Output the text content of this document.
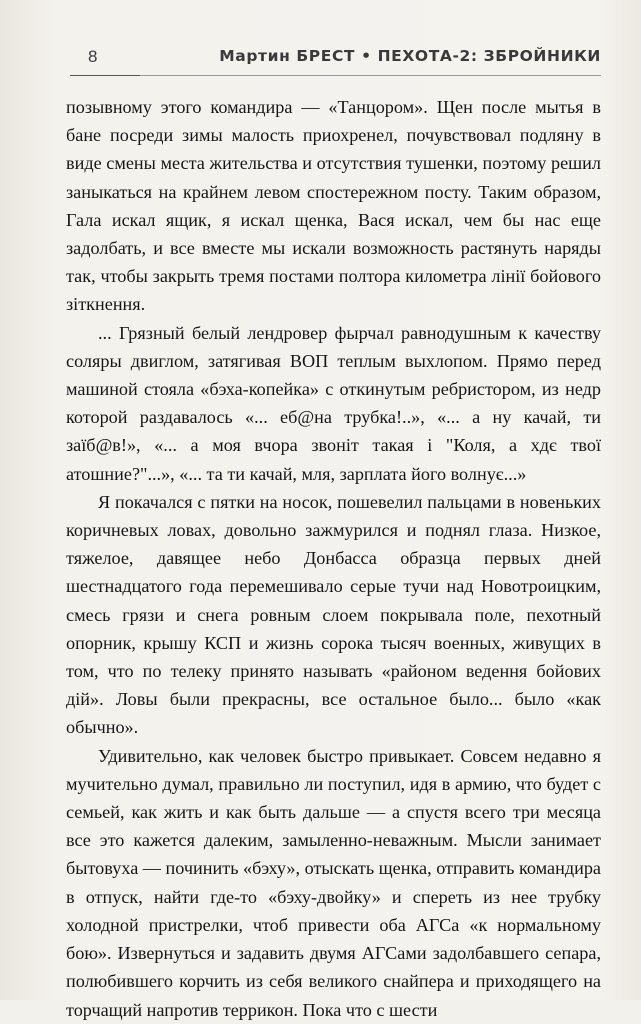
8	Мартин БРЕСТ • ПЕХОТА-2: ЗБРОЙНИКИ

позывному этого командира — «Танцором». Щен после мытья в бане посреди зимы малость приохренел, почувствовал подляну в виде смены места жительства и отсутствия тушенки, поэтому решил заныкаться на крайнем левом спостережном посту. Таким образом, Гала искал ящик, я искал щенка, Вася искал, чем бы нас еще задолбать, и все вместе мы искали возможность растянуть наряды так, чтобы закрыть тремя постами полтора километра лінії бойового зіткнення.

... Грязный белый лендровер фырчал равнодушным к качеству соляры двиглом, затягивая ВОП теплым выхлопом. Прямо перед машиной стояла «бэха-копейка» с откинутым ребристором, из недр которой раздавалось «... еб@на трубка!..», «... а ну качай, ти заїб@в!», «... а моя вчора звоніт такая і "Коля, а хдє твої атошние?"...», «... та ти качай, мля, зарплата його волнує...»

Я покачался с пятки на носок, пошевелил пальцами в новеньких коричневых ловах, довольно зажмурился и поднял глаза. Низкое, тяжелое, давящее небо Донбасса образца первых дней шестнадцатого года перемешивало серые тучи над Новотроицким, смесь грязи и снега ровным слоем покрывала поле, пехотный опорник, крышу КСП и жизнь сорока тысяч военных, живущих в том, что по телеку принято называть «районом ведення бойових дій». Ловы были прекрасны, все остальное было... было «как обычно».

Удивительно, как человек быстро привыкает. Совсем недавно я мучительно думал, правильно ли поступил, идя в армию, что будет с семьей, как жить и как быть дальше — а спустя всего три месяца все это кажется далеким, замыленно-неважным. Мысли занимает бытовуха — починить «бэху», отыскать щенка, отправить командира в отпуск, найти где-то «бэху-двойку» и спереть из нее трубку холодной пристрелки, чтоб привести оба АГСа «к нормальному бою». Извернуться и задавить двумя АГСами задолбавшего сепара, полюбившего корчить из себя великого снайпера и приходящего на торчащий напротив террикон. Пока что с шести
